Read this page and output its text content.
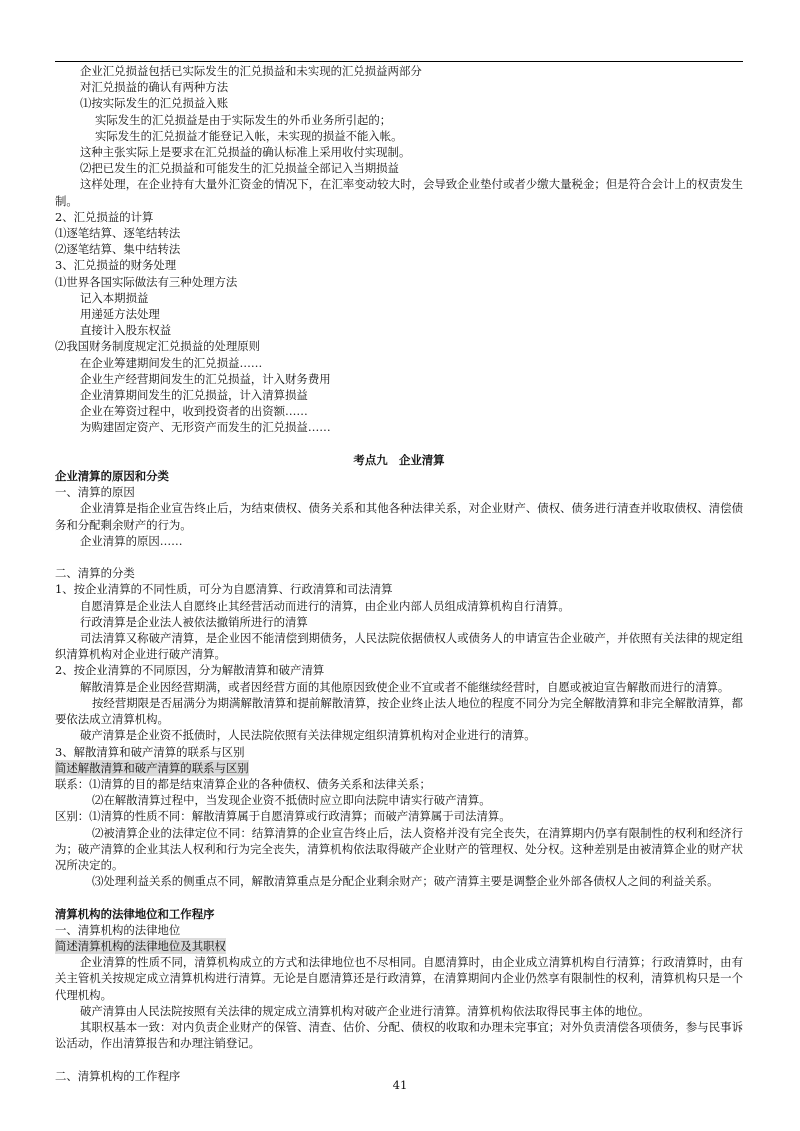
企业汇兑损益包括已实际发生的汇兑损益和未实现的汇兑损益两部分
对汇兑损益的确认有两种方法
⑴按实际发生的汇兑损益入账
实际发生的汇兑损益是由于实际发生的外币业务所引起的；
实际发生的汇兑损益才能登记入帐，未实现的损益不能入帐。
这种主张实际上是要求在汇兑损益的确认标准上采用收付实现制。
⑵把已发生的汇兑损益和可能发生的汇兑损益全部记入当期损益
这样处理，在企业持有大量外汇资金的情况下，在汇率变动较大时，会导致企业垫付或者少缴大量税金；但是符合会计上的权责发生制。
2、汇兑损益的计算
⑴逐笔结算、逐笔结转法
⑵逐笔结算、集中结转法
3、汇兑损益的财务处理
⑴世界各国实际做法有三种处理方法
记入本期损益
用递延方法处理
直接计入股东权益
⑵我国财务制度规定汇兑损益的处理原则
在企业筹建期间发生的汇兑损益……
企业生产经营期间发生的汇兑损益，计入财务费用
企业清算期间发生的汇兑损益，计入清算损益
企业在筹资过程中，收到投资者的出资额……
为购建固定资产、无形资产而发生的汇兑损益……
考点九　企业清算
企业清算的原因和分类
一、清算的原因
企业清算是指企业宣告终止后，为结束债权、债务关系和其他各种法律关系，对企业财产、债权、债务进行清查并收取债权、清偿债务和分配剩余财产的行为。
企业清算的原因……
二、清算的分类
1、按企业清算的不同性质，可分为自愿清算、行政清算和司法清算
自愿清算是企业法人自愿终止其经营活动而进行的清算，由企业内部人员组成清算机构自行清算。
行政清算是企业法人被依法撤销所进行的清算
司法清算又称破产清算，是企业因不能清偿到期债务，人民法院依据债权人或债务人的申请宣告企业破产，并依照有关法律的规定组织清算机构对企业进行破产清算。
2、按企业清算的不同原因，分为解散清算和破产清算
解散清算是企业因经营期满，或者因经营方面的其他原因致使企业不宜或者不能继续经营时，自愿或被迫宣告解散而进行的清算。
按经营期限是否届满分为期满解散清算和提前解散清算，按企业终止法人地位的程度不同分为完全解散清算和非完全解散清算，都要依法成立清算机构。
破产清算是企业资不抵债时，人民法院依照有关法律规定组织清算机构对企业进行的清算。
3、解散清算和破产清算的联系与区别
简述解散清算和破产清算的联系与区别
联系：⑴清算的目的都是结束清算企业的各种债权、债务关系和法律关系；
⑵在解散清算过程中，当发现企业资不抵债时应立即向法院申请实行破产清算。
区别：⑴清算的性质不同：解散清算属于自愿清算或行政清算；而破产清算属于司法清算。
⑵被清算企业的法律定位不同：结算清算的企业宣告终止后，法人资格并没有完全丧失，在清算期内仍享有限制性的权利和经济行为；破产清算的企业其法人权利和行为完全丧失，清算机构依法取得破产企业财产的管理权、处分权。这种差别是由被清算企业的财产状况所决定的。
⑶处理利益关系的侧重点不同，解散清算重点是分配企业剩余财产；破产清算主要是调整企业外部各债权人之间的利益关系。
清算机构的法律地位和工作程序
一、清算机构的法律地位
简述清算机构的法律地位及其职权
企业清算的性质不同，清算机构成立的方式和法律地位也不尽相同。自愿清算时，由企业成立清算机构自行清算；行政清算时，由有关主管机关按规定成立清算机构进行清算。无论是自愿清算还是行政清算，在清算期间内企业仍然享有限制性的权利，清算机构只是一个代理机构。
破产清算由人民法院按照有关法律的规定成立清算机构对破产企业进行清算。清算机构依法取得民事主体的地位。
其职权基本一致：对内负责企业财产的保管、清查、估价、分配、债权的收取和办理未完事宜；对外负责清偿各项债务，参与民事诉讼活动，作出清算报告和办理注销登记。
二、清算机构的工作程序
41
